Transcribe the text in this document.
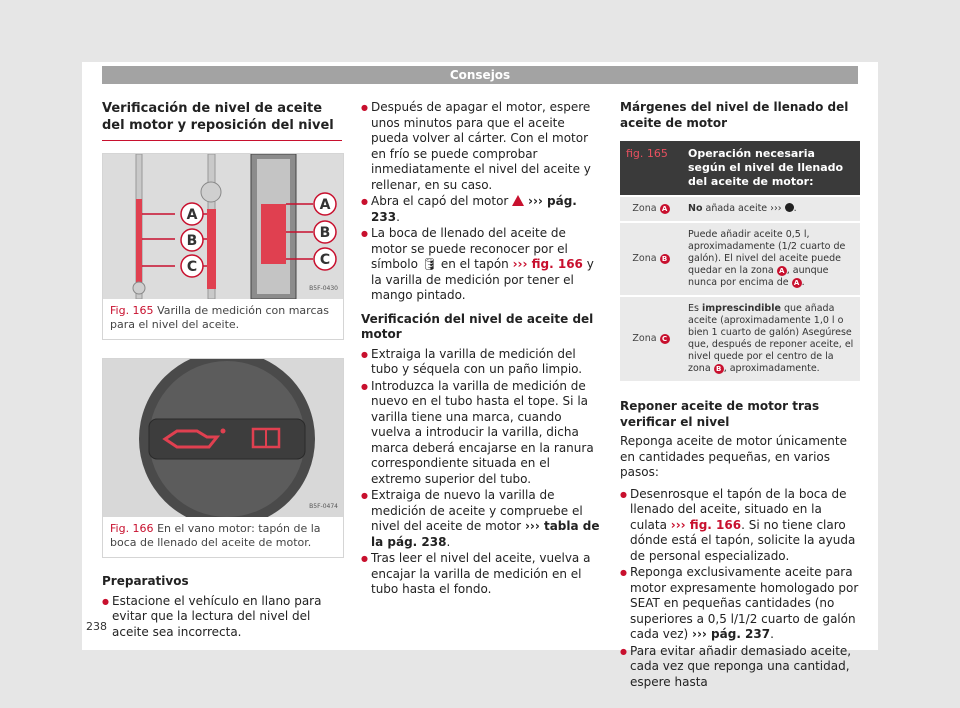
Consejos
Verificación de nivel de aceite del motor y reposición del nivel
A
B
C
A
B
C
B5F-0430
Fig. 165 Varilla de medición con marcas para el nivel del aceite.
B5F-0474
Fig. 166 En el vano motor: tapón de la boca de llenado del aceite de motor.
Preparativos
● Estacione el vehículo en llano para evitar que la lectura del nivel del aceite sea incorrecta.
● Después de apagar el motor, espere unos minutos para que el aceite pueda volver al cárter. Con el motor en frío se puede comprobar inmediatamente el nivel del aceite y rellenar, en su caso.
● Abra el capó del motor ››› pág. 233.
● La boca de llenado del aceite de motor se puede reconocer por el símbolo 🛢 en el tapón ››› fig. 166 y la varilla de medición por tener el mango pintado.
Verificación del nivel de aceite del motor
● Extraiga la varilla de medición del tubo y séquela con un paño limpio.
● Introduzca la varilla de medición de nuevo en el tubo hasta el tope. Si la varilla tiene una marca, cuando vuelva a introducir la varilla, dicha marca deberá encajarse en la ranura correspondiente situada en el extremo superior del tubo.
● Extraiga de nuevo la varilla de medición de aceite y compruebe el nivel del aceite de motor ››› tabla de la pág. 238.
● Tras leer el nivel del aceite, vuelva a encajar la varilla de medición en el tubo hasta el fondo.
Márgenes del nivel de llenado del aceite de motor
fig. 165	Operación necesaria según el nivel de llenado del aceite de motor:
Zona A	No añada aceite ››› .
Zona B	Puede añadir aceite 0,5 l, aproximadamente (1/2 cuarto de galón). El nivel del aceite puede quedar en la zona A , aunque nunca por encima de A .
Zona C	Es imprescindible que añada aceite (aproximadamente 1,0 l o bien 1 cuarto de galón) Asegúrese que, después de reponer aceite, el nivel quede por el centro de la zona B , aproximadamente.
Reponer aceite de motor tras verificar el nivel

Reponga aceite de motor únicamente en cantidades pequeñas, en varios pasos:

● Desenrosque el tapón de la boca de llenado del aceite, situado en la culata ››› fig. 166. Si no tiene claro dónde está el tapón, solicite la ayuda de personal especializado.
● Reponga exclusivamente aceite para motor expresamente homologado por SEAT en pequeñas cantidades (no superiores a 0,5 l/1/2 cuarto de galón cada vez) ››› pág. 237.
● Para evitar añadir demasiado aceite, cada vez que reponga una cantidad, espere hasta
238
